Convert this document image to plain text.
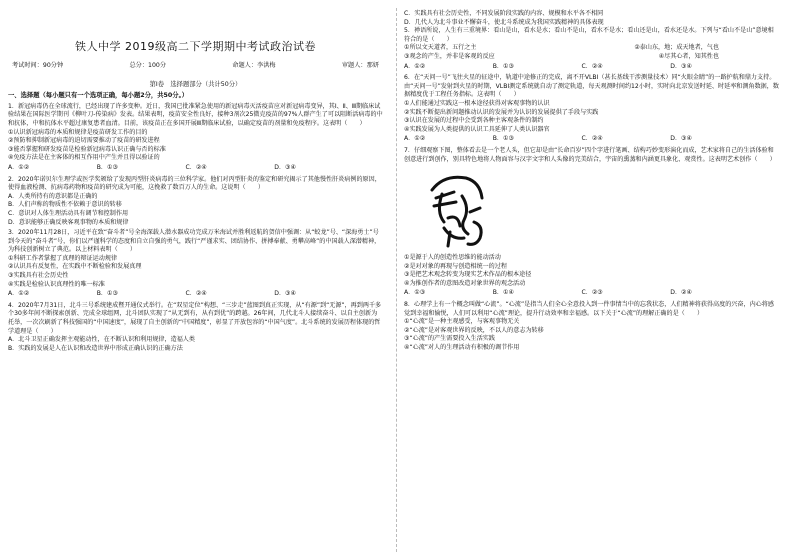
铁人中学 2019级高二下学期期中考试政治试卷
考试时间：90分钟	总分：100分	命题人：李洪梅	审题人：那妍
第Ⅰ卷　选择题部分（共计50分）
一、选择题（每小题只有一个选项正确，每小题2分，共50分。）

1．新冠病毒仍在全球流行，已经出现了许多变种。近日，我国已批准紧急使用的新冠病毒灭活疫苗应对新冠病毒变异，其Ⅰ、Ⅱ、Ⅲ期临床试验结果在国际医学期刊《柳叶刀-传染病》发表。结果表明，疫苗安全性良好，接种3剂次25微克疫苗的97%人群产生了可以阻断活病毒的中和抗体，中和抗体水平超过康复患者血清。目前，该疫苗正在多国开展Ⅲ期临床试验，以确定疫苗的剂量和免疫程序。这表明（　　）

①认识新冠病毒的本质和规律是疫苗研发工作的目的

②预防和抑制新冠病毒的迫切需要推动了疫苗的研发进程

③能否掌握和研发疫苗是检验新冠病毒认识正确与否的标准

④免疫方法是在主客体的相互作用中产生并且得以验证的

A．①②	B．①③	C．②④	D．③④

2．2020年诺贝尔生理学或医学奖颁给了发现丙型肝炎病毒的三位科学家。他们对丙型肝炎的鉴定和研究揭示了其他慢性肝炎病例的原因，使得血液检测、抗病毒药物和疫苗的研究成为可能，这挽救了数百万人的生命。这说明（　　）

A．人类所持有的意识都是正确的

B．人们声称的物质性不依赖于意识的转移

C．意识对人体生理活动具有调节和控制作用

D．意识能够正确反映客观事物的本质和规律

3．2020年11月28日，习近平在致“奋斗者”号全海深载人潜水器成功完成万米海试并胜利返航的贺信中强调：从“蛟龙”号、“深海勇士”号到今天的“奋斗者”号，你们以严谨科学的态度和自立自强的勇气，践行“严谨求实、团结协作、拼搏奉献、勇攀高峰”的中国载人深潜精神，为科技创新树立了典范。以上材料表明（　　）

①科研工作者掌握了真理的辩证运动规律

②认识具有反复性，在实践中不断检验和发展真理

③实践具有社会历史性

④实践是检验认识真理性的唯一标准

A．①②	B．①③	C．②④	D．③④

4．2020年7月31日，北斗三号系统建成暨开通仪式举行。在“双星定位”构想、“三步走”蓝图到真正实现，从“有源”到“无源”，再到两千多个30多年间不断探索创新、完成全球组网，北斗团队实现了“从无到有，从有到优”的跨越。26年间，几代北斗人接续奋斗、以自主创新为托举，一次次刷新了科技强国的“中国速度”，展现了自主创新的“中国精度”，彰显了开放包容的“中国气度”。北斗系统的发展历程体现的哲学道理是（　　）

A．北斗卫星正确发挥主观能动性，在不断认识和利用规律，造福人类

B．实践的发展是人在认识和改造世界中形成正确认识的正确方法

C．实践具有社会历史性，不同发展阶段实践的内容、规模和水平各不相同

D．几代人为北斗事业不懈奋斗，使北斗系统成为我国实践精神的具体表现

5．禅语所说，人生有三重境界：看山是山，看水是水；看山不是山，看水不是水；看山还是山，看水还是水。下列与“看山不是山”意境相符合的是（　　）

①所以文天道者，五行之主	②泰山东，地；成天地者，气也
③观念的产生，并非是客观的反应	④尽其心者，知其性也
A．①②	B．①③	C．②④	D．③④

6．在“天问一号”飞往火星的征途中，轨道中途修正的完成，离不开VLBI（甚长基线干涉测量技术）同“火眼金睛”的一路护航和鼎力支持。由“天问一号”发射到火星的时期，VLBI测定系统就自动了测定轨道，每天观测时间约12小时，实时向北京发送时延、时延率和测角数据，数据精度优于工程任务指标。这表明（　　）

①人们能通过实践这一根本途径获得对客观事物的认识

②实践不断提出新问题推动认识的发展并为认识的发展提供了手段与实践

③认识在发展的过程中会受到各种主客观条件的制约

④实践发展为人类提供的认识工具延伸了人类认识器官

A．①②	B．①③	C．②④	D．③④

7．仔细观察下图，整体看去是一个老人头，但它却是由“长命百岁”四个字进行笔画、结构巧妙变形演化而成，艺术家将自己的生活体验和创意进行到创作，别具特色地将人物面容与汉字文字和人头像的完美结合，宇宙的熏蒸和内涵更具象化、观赏性。这表明艺术创作（　　）

①是源于人的创造性思维的能动活动

②是对对象的再现与创造相统一的过程

③是把艺术观念转变为现实艺术作品的根本途径

④为推创作者的意图改造对象世界的观念活动

A．①③	B．①④	C．②③	D．②④

8．心理学上有一个概念叫做“心流”。“心流”是指当人们全心全意投入到一件事情当中的忘我状态，人们精神将获得高度的兴奋，内心将感觉到幸福和愉悦，人们可以利用“心流”理论，提升行动效率和幸福感。以下关于“心流”的理解正确的是（　　）

①“心流”是一种主观感受，与客观事物无关

②“心流”是对客观世界的反映，不以人的意志为转移

③“心流”的产生需要投入生活实践

④“心流”对人的生理活动有积极的调节作用
